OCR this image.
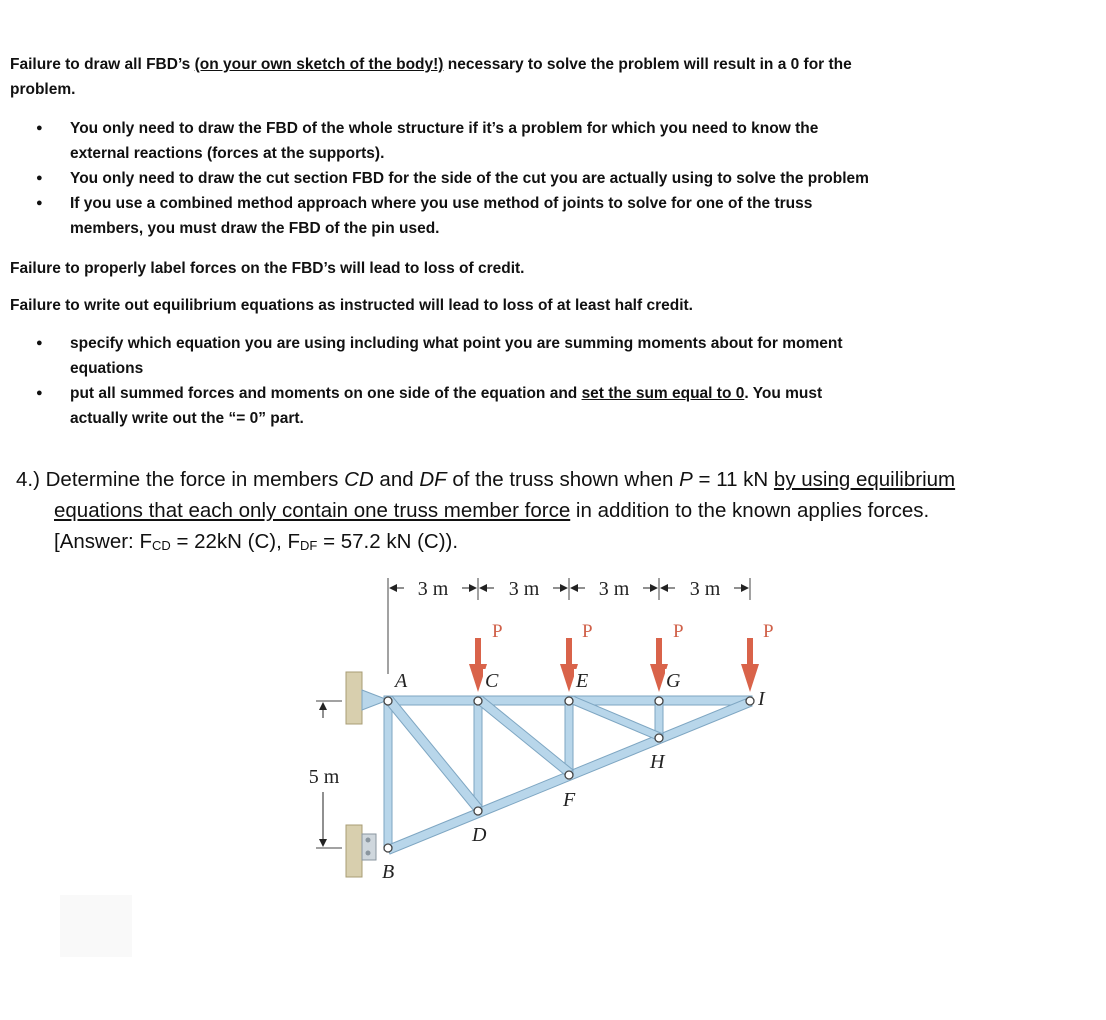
Failure to draw all FBD’s (on your own sketch of the body!) necessary to solve the problem will result in a 0 for the
problem.
● You only need to draw the FBD of the whole structure if it’s a problem for which you need to know the
external reactions (forces at the supports).
● You only need to draw the cut section FBD for the side of the cut you are actually using to solve the problem
● If you use a combined method approach where you use method of joints to solve for one of the truss
members, you must draw the FBD of the pin used.
Failure to properly label forces on the FBD’s will lead to loss of credit.
Failure to write out equilibrium equations as instructed will lead to loss of at least half credit.
● specify which equation you are using including what point you are summing moments about for moment
equations
● put all summed forces and moments on one side of the equation and set the sum equal to 0. You must
actually write out the “= 0” part.
4.) Determine the force in members CD and DF of the truss shown when P = 11 kN by using equilibrium
equations that each only contain one truss member force in addition to the known applies forces.
[Answer: $F_{CD} = 22kN$ (C), $F_{DF} = 57.2$ kN (C)).
3 m	3 m	3 m	3 m
5 m
P	P	P	P
A
B
C
D
E
F
G
H
I
